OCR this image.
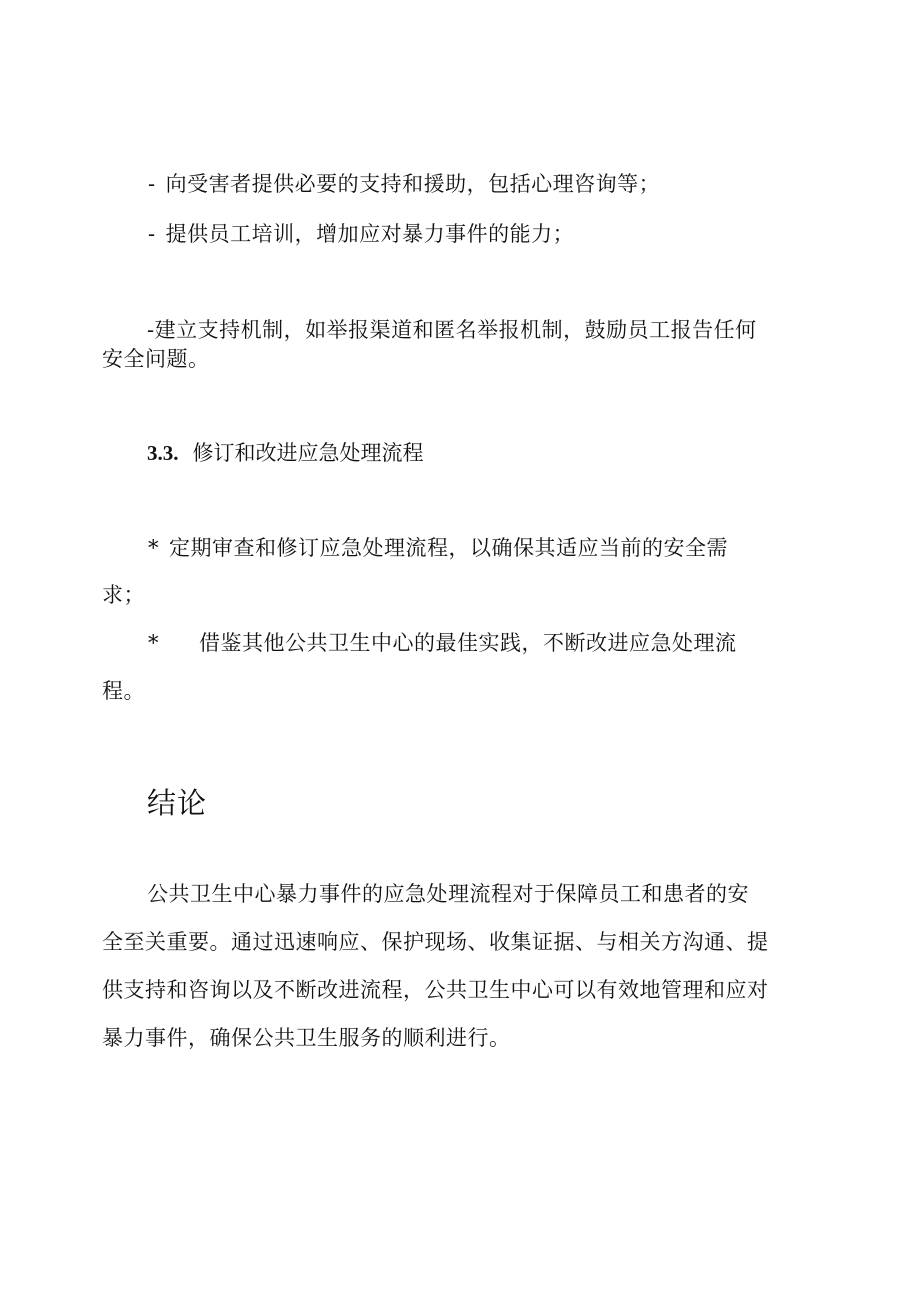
- 向受害者提供必要的支持和援助，包括心理咨询等；
- 提供员工培训，增加应对暴力事件的能力；
-建立支持机制，如举报渠道和匿名举报机制，鼓励员工报告任何
安全问题。
3.3. 修订和改进应急处理流程
* 定期审查和修订应急处理流程，以确保其适应当前的安全需
求；
* 借鉴其他公共卫生中心的最佳实践，不断改进应急处理流
程。
结论
公共卫生中心暴力事件的应急处理流程对于保障员工和患者的安
全至关重要。通过迅速响应、保护现场、收集证据、与相关方沟通、提
供支持和咨询以及不断改进流程，公共卫生中心可以有效地管理和应对
暴力事件，确保公共卫生服务的顺利进行。
